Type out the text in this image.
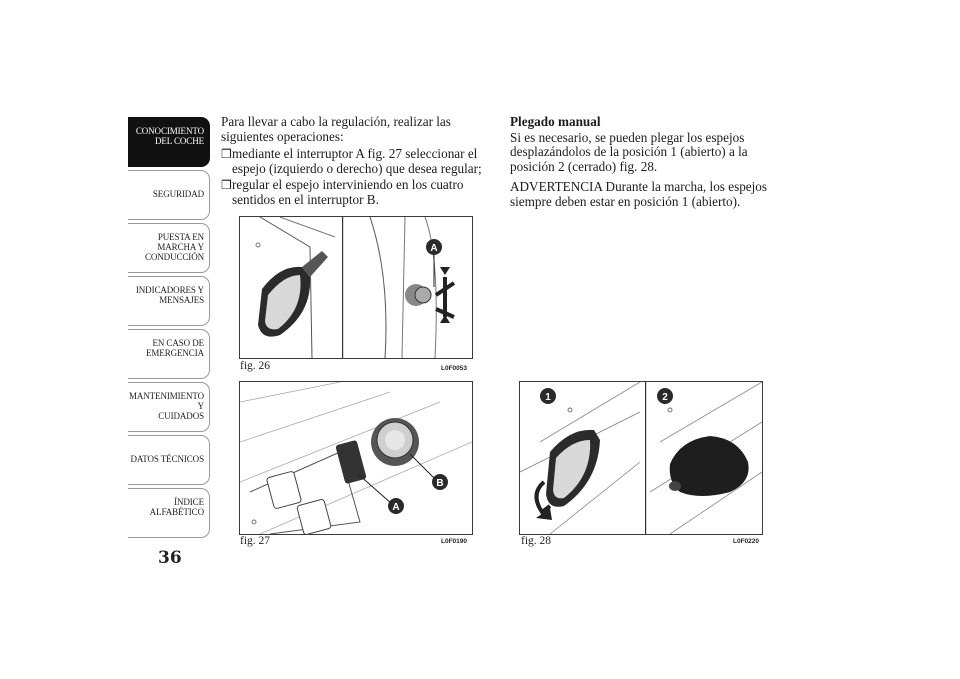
CONOCIMIENTO
DEL COCHE
SEGURIDAD
PUESTA EN
MARCHA Y
CONDUCCIÓN
INDICADORES Y
MENSAJES
EN CASO DE
EMERGENCIA
MANTENIMIENTO Y
CUIDADOS
DATOS TÉCNICOS
ÍNDICE
ALFABÉTICO
36

Para llevar a cabo la regulación, realizar las siguientes operaciones:

❒ mediante el interruptor A fig. 27 seleccionar el espejo (izquierdo o derecho) que desea regular;
❒ regular el espejo interviniendo en los cuatro sentidos en el interruptor B.
Plegado manual

Si es necesario, se pueden plegar los espejos desplazándolos de la posición 1 (abierto) a la posición 2 (cerrado) fig. 28.

ADVERTENCIA Durante la marcha, los espejos siempre deben estar en posición 1 (abierto).

A
fig. 26	L0F0053
B
A
fig. 27	L0F0190
1	2
fig. 28	L0F0220
